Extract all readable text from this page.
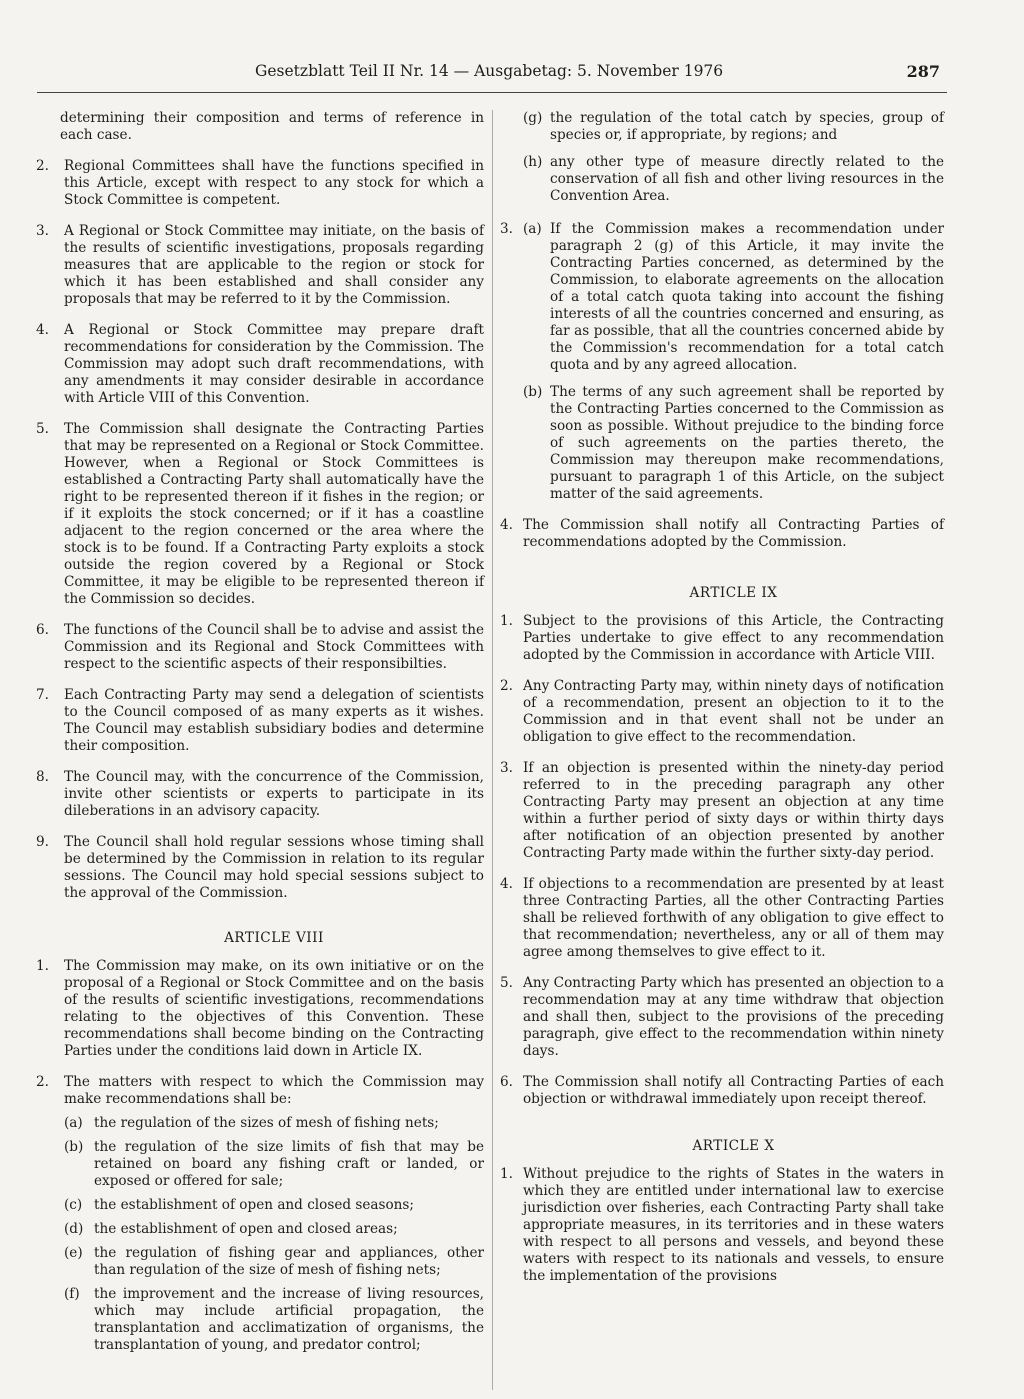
Gesetzblatt Teil II Nr. 14 — Ausgabetag: 5. November 1976	287

determining their composition and terms of reference in each case.

2. Regional Committees shall have the functions specified in this Article, except with respect to any stock for which a Stock Committee is competent.

3. A Regional or Stock Committee may initiate, on the basis of the results of scientific investigations, proposals regarding measures that are applicable to the region or stock for which it has been established and shall consider any proposals that may be referred to it by the Commission.

4. A Regional or Stock Committee may prepare draft recommendations for consideration by the Commission. The Commission may adopt such draft recommendations, with any amendments it may consider desirable in accordance with Article VIII of this Convention.

5. The Commission shall designate the Contracting Parties that may be represented on a Regional or Stock Committee. However, when a Regional or Stock Committees is established a Contracting Party shall automatically have the right to be represented thereon if it fishes in the region; or if it exploits the stock concerned; or if it has a coastline adjacent to the region concerned or the area where the stock is to be found. If a Contracting Party exploits a stock outside the region covered by a Regional or Stock Committee, it may be eligible to be represented thereon if the Commission so decides.

6. The functions of the Council shall be to advise and assist the Commission and its Regional and Stock Committees with respect to the scientific aspects of their responsibilties.

7. Each Contracting Party may send a delegation of scientists to the Council composed of as many experts as it wishes. The Council may establish subsidiary bodies and determine their composition.

8. The Council may, with the concurrence of the Commission, invite other scientists or experts to participate in its dileberations in an advisory capacity.

9. The Council shall hold regular sessions whose timing shall be determined by the Commission in relation to its regular sessions. The Council may hold special sessions subject to the approval of the Commission.

ARTICLE VIII

1. The Commission may make, on its own initiative or on the proposal of a Regional or Stock Committee and on the basis of the results of scientific investigations, recommendations relating to the objectives of this Convention. These recommendations shall become binding on the Contracting Parties under the conditions laid down in Article IX.

2. The matters with respect to which the Commission may make recommendations shall be:

(a) the regulation of the sizes of mesh of fishing nets;

(b) the regulation of the size limits of fish that may be retained on board any fishing craft or landed, or exposed or offered for sale;

(c) the establishment of open and closed seasons;

(d) the establishment of open and closed areas;

(e) the regulation of fishing gear and appliances, other than regulation of the size of mesh of fishing nets;

(f) the improvement and the increase of living resources, which may include artificial propagation, the transplantation and acclimatization of organisms, the transplantation of young, and predator control;

(g) the regulation of the total catch by species, group of species or, if appropriate, by regions; and

(h) any other type of measure directly related to the conservation of all fish and other living resources in the Convention Area.

3. (a) If the Commission makes a recommendation under paragraph 2 (g) of this Article, it may invite the Contracting Parties concerned, as determined by the Commission, to elaborate agreements on the allocation of a total catch quota taking into account the fishing interests of all the countries concerned and ensuring, as far as possible, that all the countries concerned abide by the Commission's recommendation for a total catch quota and by any agreed allocation.

(b) The terms of any such agreement shall be reported by the Contracting Parties concerned to the Commission as soon as possible. Without prejudice to the binding force of such agreements on the parties thereto, the Commission may thereupon make recommendations, pursuant to paragraph 1 of this Article, on the subject matter of the said agreements.

4. The Commission shall notify all Contracting Parties of recommendations adopted by the Commission.

ARTICLE IX

1. Subject to the provisions of this Article, the Contracting Parties undertake to give effect to any recommendation adopted by the Commission in accordance with Article VIII.

2. Any Contracting Party may, within ninety days of notification of a recommendation, present an objection to it to the Commission and in that event shall not be under an obligation to give effect to the recommendation.

3. If an objection is presented within the ninety-day period referred to in the preceding paragraph any other Contracting Party may present an objection at any time within a further period of sixty days or within thirty days after notification of an objection presented by another Contracting Party made within the further sixty-day period.

4. If objections to a recommendation are presented by at least three Contracting Parties, all the other Contracting Parties shall be relieved forthwith of any obligation to give effect to that recommendation; nevertheless, any or all of them may agree among themselves to give effect to it.

5. Any Contracting Party which has presented an objection to a recommendation may at any time withdraw that objection and shall then, subject to the provisions of the preceding paragraph, give effect to the recommendation within ninety days.

6. The Commission shall notify all Contracting Parties of each objection or withdrawal immediately upon receipt thereof.

ARTICLE X

1. Without prejudice to the rights of States in the waters in which they are entitled under international law to exercise jurisdiction over fisheries, each Contracting Party shall take appropriate measures, in its territories and in these waters with respect to all persons and vessels, and beyond these waters with respect to its nationals and vessels, to ensure the implementation of the provisions
